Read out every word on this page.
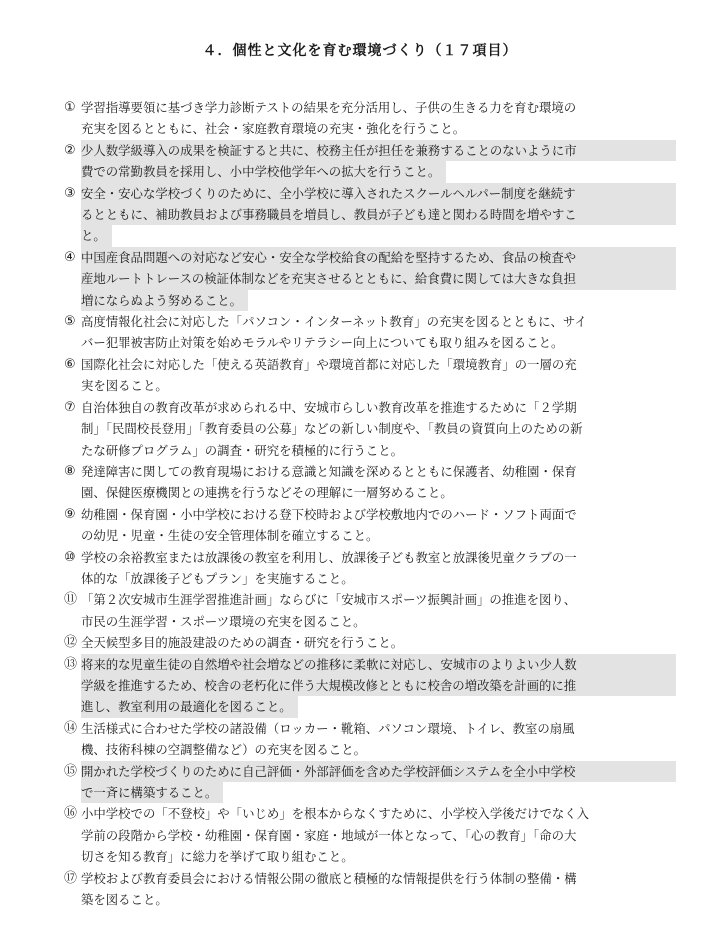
４．個性と文化を育む環境づくり（１７項目）
① 学習指導要領に基づき学力診断テストの結果を充分活用し、子供の生きる力を育む環境の
充実を図るとともに、社会・家庭教育環境の充実・強化を行うこと。
② 少人数学級導入の成果を検証すると共に、校務主任が担任を兼務することのないように市
費での常勤教員を採用し、小中学校他学年への拡大を行うこと。
③ 安全・安心な学校づくりのために、全小学校に導入されたスクールヘルパー制度を継続す
るとともに、補助教員および事務職員を増員し、教員が子ども達と関わる時間を増やすこ
と。
④ 中国産食品問題への対応など安心・安全な学校給食の配給を堅持するため、食品の検査や
産地ルートトレースの検証体制などを充実させるとともに、給食費に関しては大きな負担
増にならぬよう努めること。
⑤ 高度情報化社会に対応した「パソコン・インターネット教育」の充実を図るとともに、サイ
バー犯罪被害防止対策を始めモラルやリテラシー向上についても取り組みを図ること。
⑥ 国際化社会に対応した「使える英語教育」や環境首都に対応した「環境教育」の一層の充
実を図ること。
⑦ 自治体独自の教育改革が求められる中、安城市らしい教育改革を推進するために「２学期
制」「民間校長登用」「教育委員の公募」などの新しい制度や、「教員の資質向上のための新
たな研修プログラム」の調査・研究を積極的に行うこと。
⑧ 発達障害に関しての教育現場における意識と知識を深めるとともに保護者、幼稚園・保育
園、保健医療機関との連携を行うなどその理解に一層努めること。
⑨ 幼稚園・保育園・小中学校における登下校時および学校敷地内でのハード・ソフト両面で
の幼児・児童・生徒の安全管理体制を確立すること。
⑩ 学校の余裕教室または放課後の教室を利用し、放課後子ども教室と放課後児童クラブの一
体的な「放課後子どもプラン」を実施すること。
⑪ 「第２次安城市生涯学習推進計画」ならびに「安城市スポーツ振興計画」の推進を図り、
市民の生涯学習・スポーツ環境の充実を図ること。
⑫ 全天候型多目的施設建設のための調査・研究を行うこと。
⑬ 将来的な児童生徒の自然増や社会増などの推移に柔軟に対応し、安城市のよりよい少人数
学級を推進するため、校舎の老朽化に伴う大規模改修とともに校舎の増改築を計画的に推
進し、教室利用の最適化を図ること。
⑭ 生活様式に合わせた学校の諸設備（ロッカー・靴箱、パソコン環境、トイレ、教室の扇風
機、技術科棟の空調整備など）の充実を図ること。
⑮ 開かれた学校づくりのために自己評価・外部評価を含めた学校評価システムを全小中学校
で一斉に構築すること。
⑯ 小中学校での「不登校」や「いじめ」を根本からなくすために、小学校入学後だけでなく入
学前の段階から学校・幼稚園・保育園・家庭・地域が一体となって、「心の教育」「命の大
切さを知る教育」に総力を挙げて取り組むこと。
⑰ 学校および教育委員会における情報公開の徹底と積極的な情報提供を行う体制の整備・構
築を図ること。
